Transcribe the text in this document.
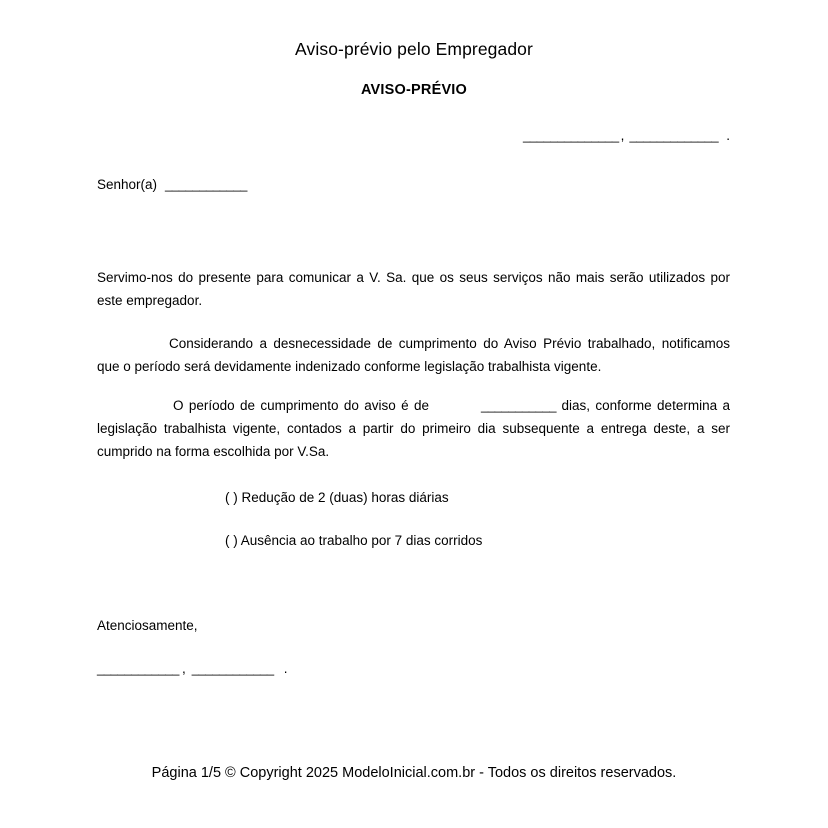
Aviso-prévio pelo Empregador
AVISO-PRÉVIO
______________ , _____________ .
Senhor(a) ____________
Servimo-nos do presente para comunicar a V. Sa. que os seus serviços não mais serão utilizados por este empregador.
Considerando a desnecessidade de cumprimento do Aviso Prévio trabalhado, notificamos que o período será devidamente indenizado conforme legislação trabalhista vigente.
O período de cumprimento do aviso é de	___________ dias, conforme determina a legislação trabalhista vigente, contados a partir do primeiro dia subsequente a entrega deste, a ser cumprido na forma escolhida por V.Sa.
( ) Redução de 2 (duas) horas diárias
( ) Ausência ao trabalho por 7 dias corridos
Atenciosamente,
____________ , ____________ .
Página 1/5 © Copyright 2025 ModeloInicial.com.br - Todos os direitos reservados.
